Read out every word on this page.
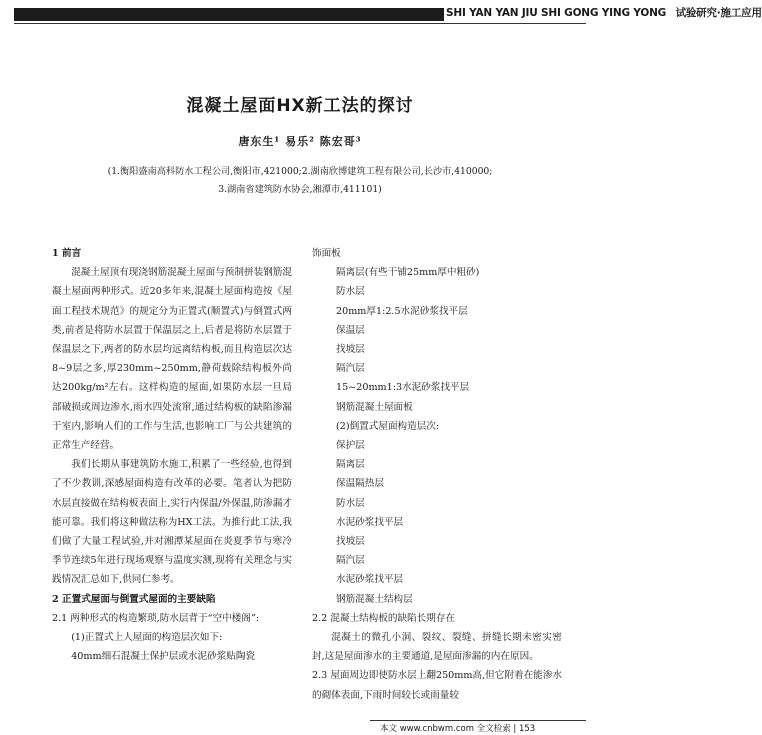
SHI YAN YAN JIU SHI GONG YING YONG 试验研究·施工应用
混凝土屋面HX新工法的探讨
唐东生¹ 易乐² 陈宏哥³
(1.衡阳盛南高科防水工程公司,衡阳市,421000;2.湖南欣博建筑工程有限公司,长沙市,410000;
3.湖南省建筑防水协会,湘潭市,411101)

1 前言

混凝土屋顶有现浇钢筋混凝土屋面与预制拼装钢筋混凝土屋面两种形式。近20多年来,混凝土屋面构造按《屋面工程技术规范》的规定分为正置式(顺置式)与倒置式两类,前者是将防水层置于保温层之上,后者是将防水层置于保温层之下,两者的防水层均远离结构板,而且构造层次达8~9层之多,厚230mm~250mm,静荷载除结构板外尚达200kg/m²左右。这样构造的屋面,如果防水层一旦局部破损或周边渗水,雨水四处流窜,通过结构板的缺陷渗漏于室内,影响人们的工作与生活,也影响工厂与公共建筑的正常生产经营。

我们长期从事建筑防水施工,积累了一些经验,也得到了不少教训,深感屋面构造有改革的必要。笔者认为把防水层直接做在结构板表面上,实行内保温/外保温,防渗漏才能可靠。我们将这种做法称为HX工法。为推行此工法,我们做了大量工程试验,并对湘潭某屋面在炎夏季节与寒冷季节连续5年进行现场观察与温度实测,现将有关理念与实践情况汇总如下,供同仁参考。

2 正置式屋面与倒置式屋面的主要缺陷

2.1 两种形式的构造繁琐,防水层背于“空中楼阁”:

(1)正置式上人屋面的构造层次如下:

40mm细石混凝土保护层或水泥砂浆贴陶瓷

饰面板

隔离层(有些干铺25mm厚中粗砂)

防水层

20mm厚1:2.5水泥砂浆找平层

保温层

找坡层

隔汽层

15~20mm1:3水泥砂浆找平层

钢筋混凝土屋面板

(2)倒置式屋面构造层次:

保护层

隔离层

保温隔热层

防水层

水泥砂浆找平层

找坡层

隔汽层

水泥砂浆找平层

钢筋混凝土结构层

2.2 混凝土结构板的缺陷长期存在

混凝土的微孔小洞、裂纹、裂缝、拼缝长期未密实密封,这是屋面渗水的主要通道,是屋面渗漏的内在原因。

2.3 屋面周边即使防水层上翻250mm高,但它附着在能渗水的砌体表面,下雨时间较长或雨量较

本文 www.cnbwm.com 全文检索 | 153
